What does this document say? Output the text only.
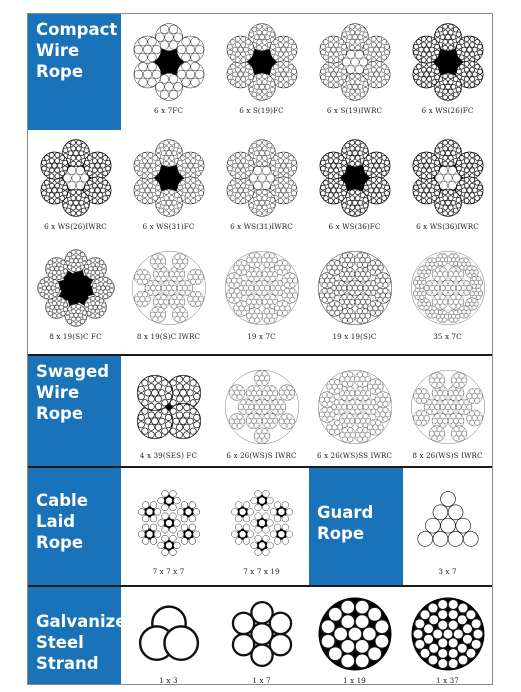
Compact
Wire
Rope
Swaged
Wire
Rope
Cable
Laid
Rope
Guard
Rope
Galvanized
Steel
Strand
6 x 7FC	6 x S(19)FC	6 x S(19)IWRC	6 x WS(26)FC
6 x WS(26)IWRC	6 x WS(31)FC	6 x WS(31)IWRC	6 x WS(36)FC	6 x WS(36)IWRC
8 x 19(S)C FC	8 x 19(S)C IWRC	19 x 7C	19 x 19(S)C	35 x 7C
4 x 39(SES) FC	6 x 26(WS)S IWRC	6 x 26(WS)SS IWRC	8 x 26(WS)S IWRC
7 x 7 x 7	7 x 7 x 19	3 x 7
1 x 3	1 x 7	1 x 19	1 x 37
